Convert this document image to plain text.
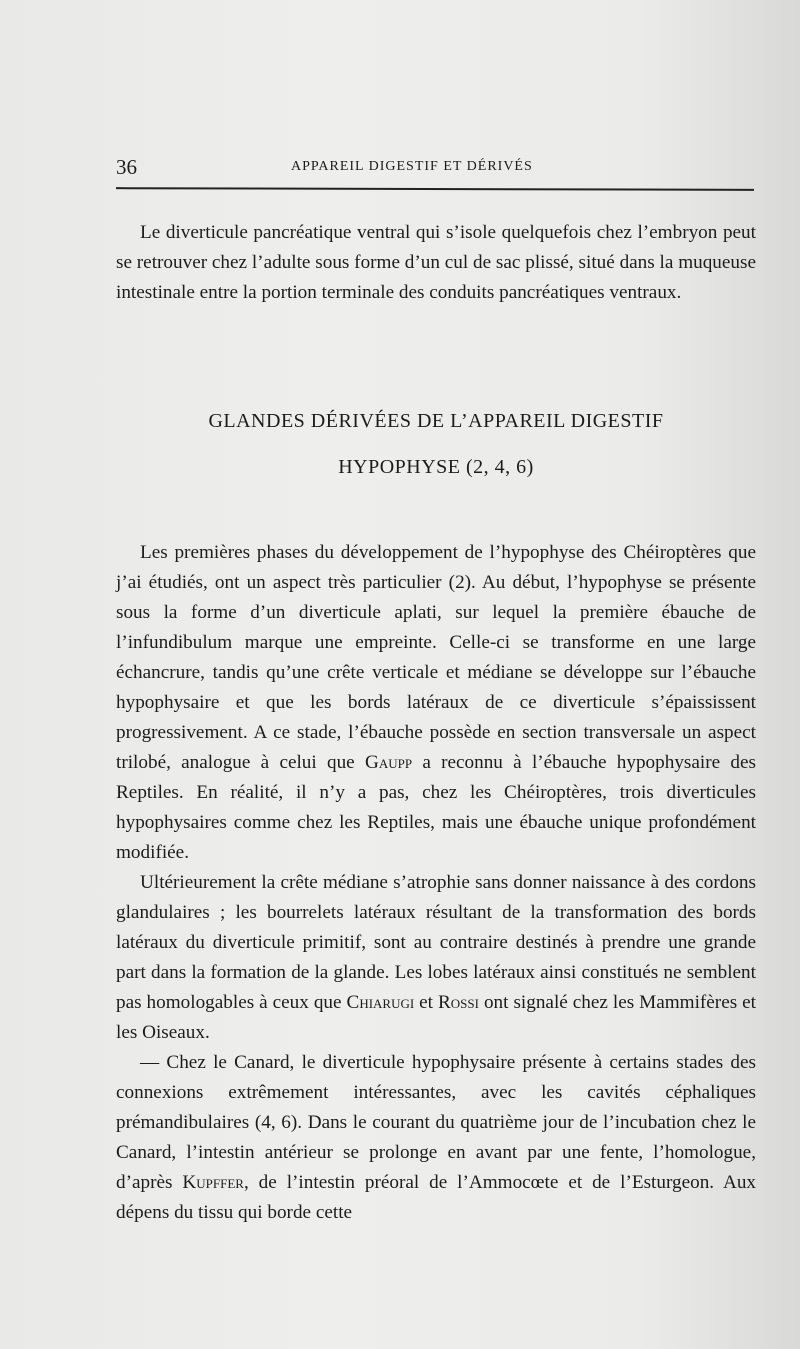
36	APPAREIL DIGESTIF ET DÉRIVÉS

Le diverticule pancréatique ventral qui s’isole quelquefois chez l’embryon peut se retrouver chez l’adulte sous forme d’un cul de sac plissé, situé dans la muqueuse intestinale entre la portion terminale des conduits pancréatiques ventraux.

GLANDES DÉRIVÉES DE L’APPAREIL DIGESTIF
HYPOPHYSE (2, 4, 6)

Les premières phases du développement de l’hypophyse des Chéiroptères que j’ai étudiés, ont un aspect très particulier (2). Au début, l’hypophyse se présente sous la forme d’un diverticule aplati, sur lequel la première ébauche de l’infundibulum marque une empreinte. Celle-ci se transforme en une large échancrure, tandis qu’une crête verticale et médiane se développe sur l’ébauche hypophysaire et que les bords latéraux de ce diverticule s’épaississent progressivement. A ce stade, l’ébauche possède en section transversale un aspect trilobé, analogue à celui que Gaupp a reconnu à l’ébauche hypophysaire des Reptiles. En réalité, il n’y a pas, chez les Chéiroptères, trois diverticules hypophysaires comme chez les Reptiles, mais une ébauche unique profondément modifiée.

Ultérieurement la crête médiane s’atrophie sans donner naissance à des cordons glandulaires ; les bourrelets latéraux résultant de la transformation des bords latéraux du diverticule primitif, sont au contraire destinés à prendre une grande part dans la formation de la glande. Les lobes latéraux ainsi constitués ne semblent pas homologables à ceux que Chiarugi et Rossi ont signalé chez les Mammifères et les Oiseaux.

— Chez le Canard, le diverticule hypophysaire présente à certains stades des connexions extrêmement intéressantes, avec les cavités céphaliques prémandibulaires (4, 6). Dans le courant du quatrième jour de l’incubation chez le Canard, l’intestin antérieur se prolonge en avant par une fente, l’homologue, d’après Kupffer, de l’intestin préoral de l’Ammocœte et de l’Esturgeon. Aux dépens du tissu qui borde cette
